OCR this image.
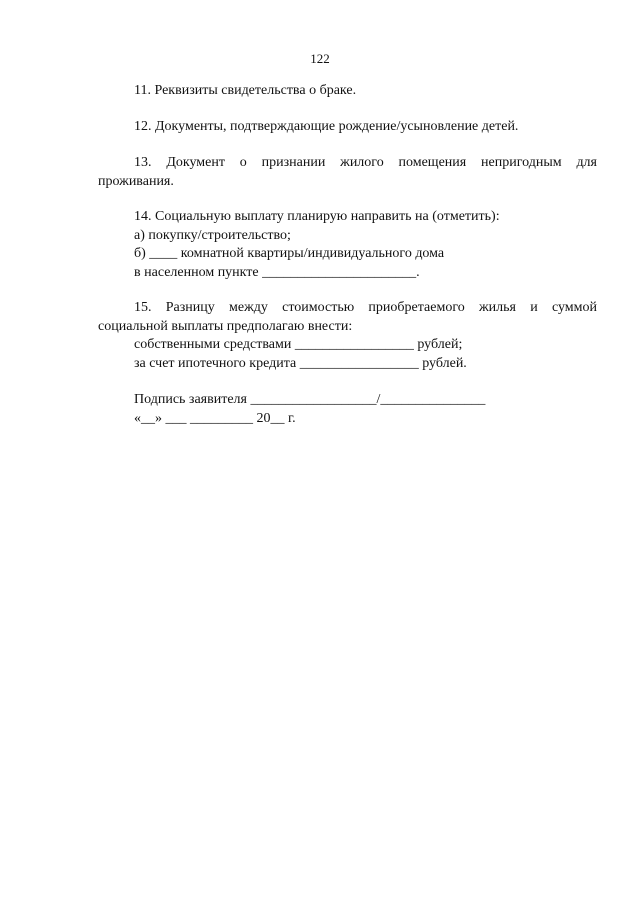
122
11. Реквизиты свидетельства о браке.
12. Документы, подтверждающие рождение/усыновление детей.
13. Документ о признании жилого помещения непригодным для
проживания.
14. Социальную выплату планирую направить на (отметить):
а) покупку/строительство;
б) ____ комнатной квартиры/индивидуального дома
в населенном пункте ______________________.
15. Разницу между стоимостью приобретаемого жилья и суммой
социальной выплаты предполагаю внести:
собственными средствами _________________ рублей;
за счет ипотечного кредита _________________ рублей.
Подпись заявителя __________________/_______________
«__» ___ _________ 20__ г.
